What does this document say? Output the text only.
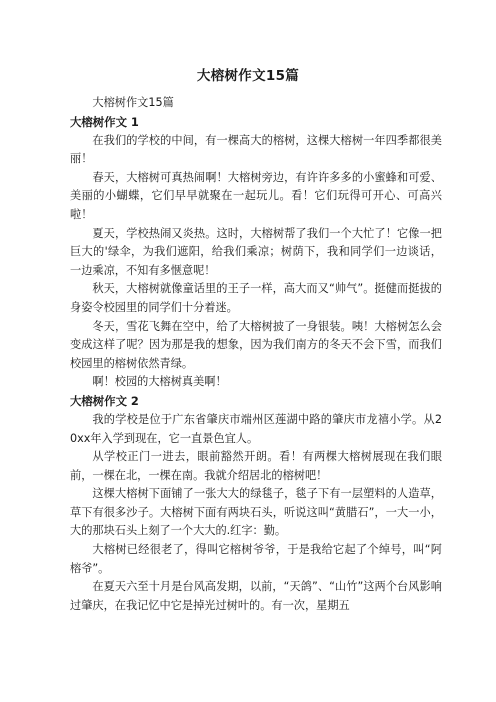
大榕树作文15篇

大榕树作文15篇

大榕树作文 1

在我们的学校的中间，有一棵高大的榕树，这棵大榕树一年四季都很美丽！

春天，大榕树可真热闹啊！大榕树旁边，有许许多多的小蜜蜂和可爱、美丽的小蝴蝶，它们早早就聚在一起玩儿。看！它们玩得可开心、可高兴啦！

夏天，学校热闹又炎热。这时，大榕树帮了我们一个大忙了！它像一把巨大的'绿伞，为我们遮阳，给我们乘凉；树荫下，我和同学们一边谈话，一边乘凉，不知有多惬意呢！

秋天，大榕树就像童话里的王子一样，高大而又“帅气”。挺健而挺拔的身姿令校园里的同学们十分着迷。

冬天，雪花飞舞在空中，给了大榕树披了一身银装。咦！大榕树怎么会变成这样了呢？因为那是我的想象，因为我们南方的冬天不会下雪，而我们校园里的榕树依然青绿。

啊！校园的大榕树真美啊！

大榕树作文 2

我的学校是位于广东省肇庆市端州区莲湖中路的肇庆市龙禧小学。从20xx年入学到现在，它一直景色宜人。

从学校正门一进去，眼前豁然开朗。看！有两棵大榕树展现在我们眼前，一棵在北，一棵在南。我就介绍居北的榕树吧！

这棵大榕树下面铺了一张大大的绿毯子，毯子下有一层塑料的人造草，草下有很多沙子。大榕树下面有两块石头，听说这叫“黄腊石”，一大一小，大的那块石头上刻了一个大大的.红字：勤。

大榕树已经很老了，得叫它榕树爷爷，于是我给它起了个绰号，叫“阿榕爷”。

在夏天六至十月是台风高发期，以前，“天鸽”、“山竹”这两个台风影响过肇庆，在我记忆中它是掉光过树叶的。有一次，星期五
